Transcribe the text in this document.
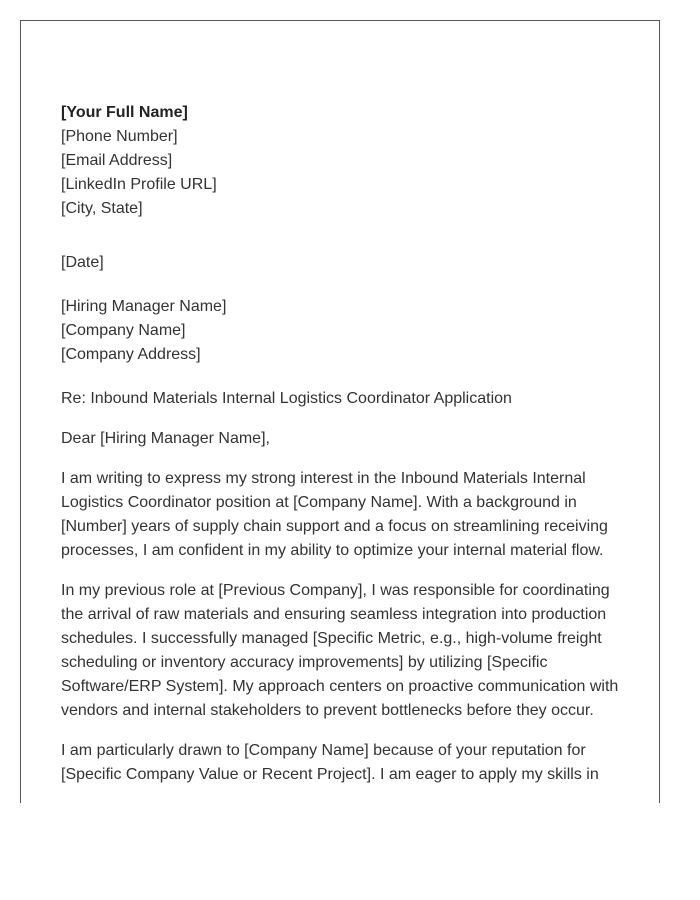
[Your Full Name]
[Phone Number]
[Email Address]
[LinkedIn Profile URL]
[City, State]
[Date]
[Hiring Manager Name]
[Company Name]
[Company Address]
Re: Inbound Materials Internal Logistics Coordinator Application
Dear [Hiring Manager Name],

I am writing to express my strong interest in the Inbound Materials Internal Logistics Coordinator position at [Company Name]. With a background in [Number] years of supply chain support and a focus on streamlining receiving processes, I am confident in my ability to optimize your internal material flow.

In my previous role at [Previous Company], I was responsible for coordinating the arrival of raw materials and ensuring seamless integration into production schedules. I successfully managed [Specific Metric, e.g., high-volume freight scheduling or inventory accuracy improvements] by utilizing [Specific Software/ERP System]. My approach centers on proactive communication with vendors and internal stakeholders to prevent bottlenecks before they occur.

I am particularly drawn to [Company Name] because of your reputation for [Specific Company Value or Recent Project]. I am eager to apply my skills in
